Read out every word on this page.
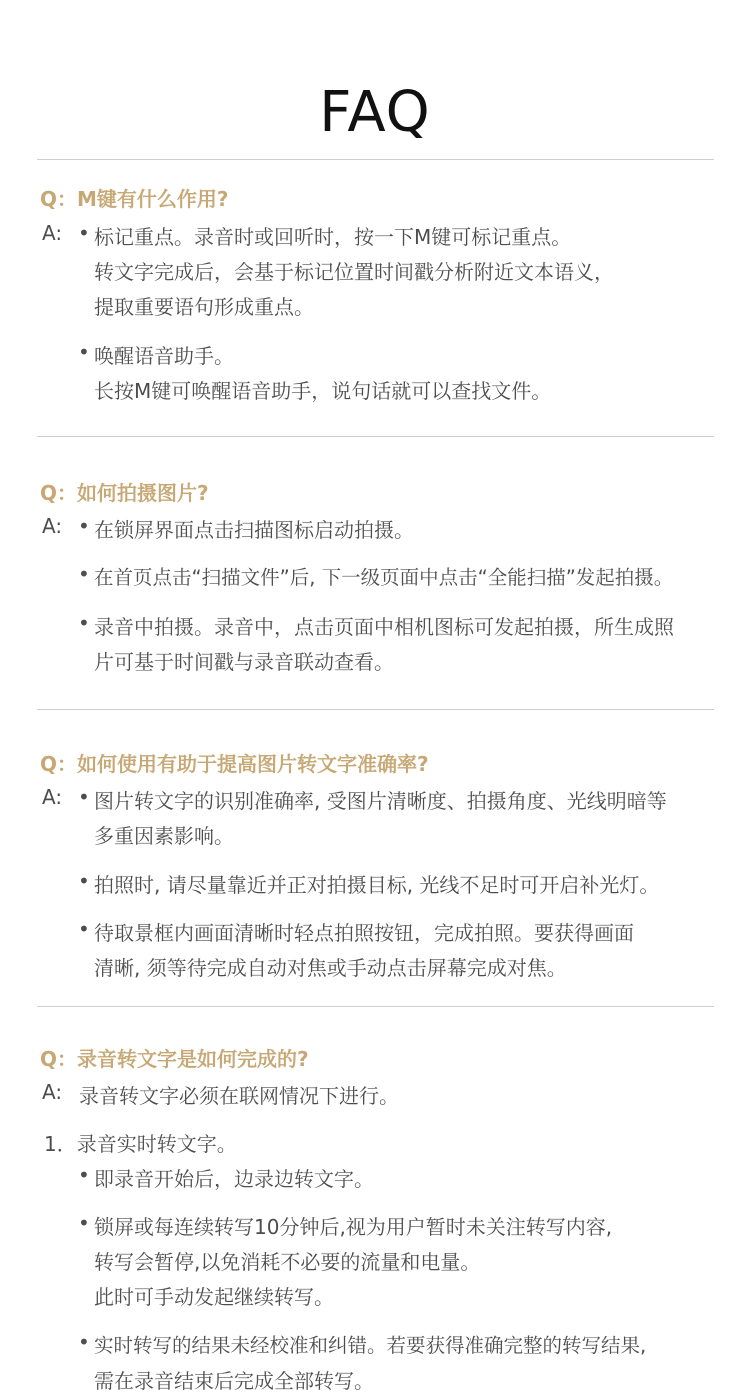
FAQ
Q：M键有什么作用?
A: • 标记重点。录音时或回听时，按一下M键可标记重点。
转文字完成后，会基于标记位置时间戳分析附近文本语义，
提取重要语句形成重点。
• 唤醒语音助手。
长按M键可唤醒语音助手，说句话就可以查找文件。
Q：如何拍摄图片?
A: • 在锁屏界面点击扫描图标启动拍摄。
• 在首页点击“扫描文件”后, 下一级页面中点击“全能扫描”发起拍摄。
• 录音中拍摄。录音中，点击页面中相机图标可发起拍摄，所生成照
片可基于时间戳与录音联动查看。
Q：如何使用有助于提高图片转文字准确率?
A: • 图片转文字的识别准确率, 受图片清晰度、拍摄角度、光线明暗等
多重因素影响。
• 拍照时, 请尽量靠近并正对拍摄目标, 光线不足时可开启补光灯。
• 待取景框内画面清晰时轻点拍照按钮，完成拍照。要获得画面
清晰, 须等待完成自动对焦或手动点击屏幕完成对焦。
Q：录音转文字是如何完成的?
A: 录音转文字必须在联网情况下进行。
1．录音实时转文字。
• 即录音开始后，边录边转文字。
• 锁屏或每连续转写10分钟后,视为用户暂时未关注转写内容,
转写会暂停,以免消耗不必要的流量和电量。
此时可手动发起继续转写。
• 实时转写的结果未经校准和纠错。若要获得准确完整的转写结果,
需在录音结束后完成全部转写。
